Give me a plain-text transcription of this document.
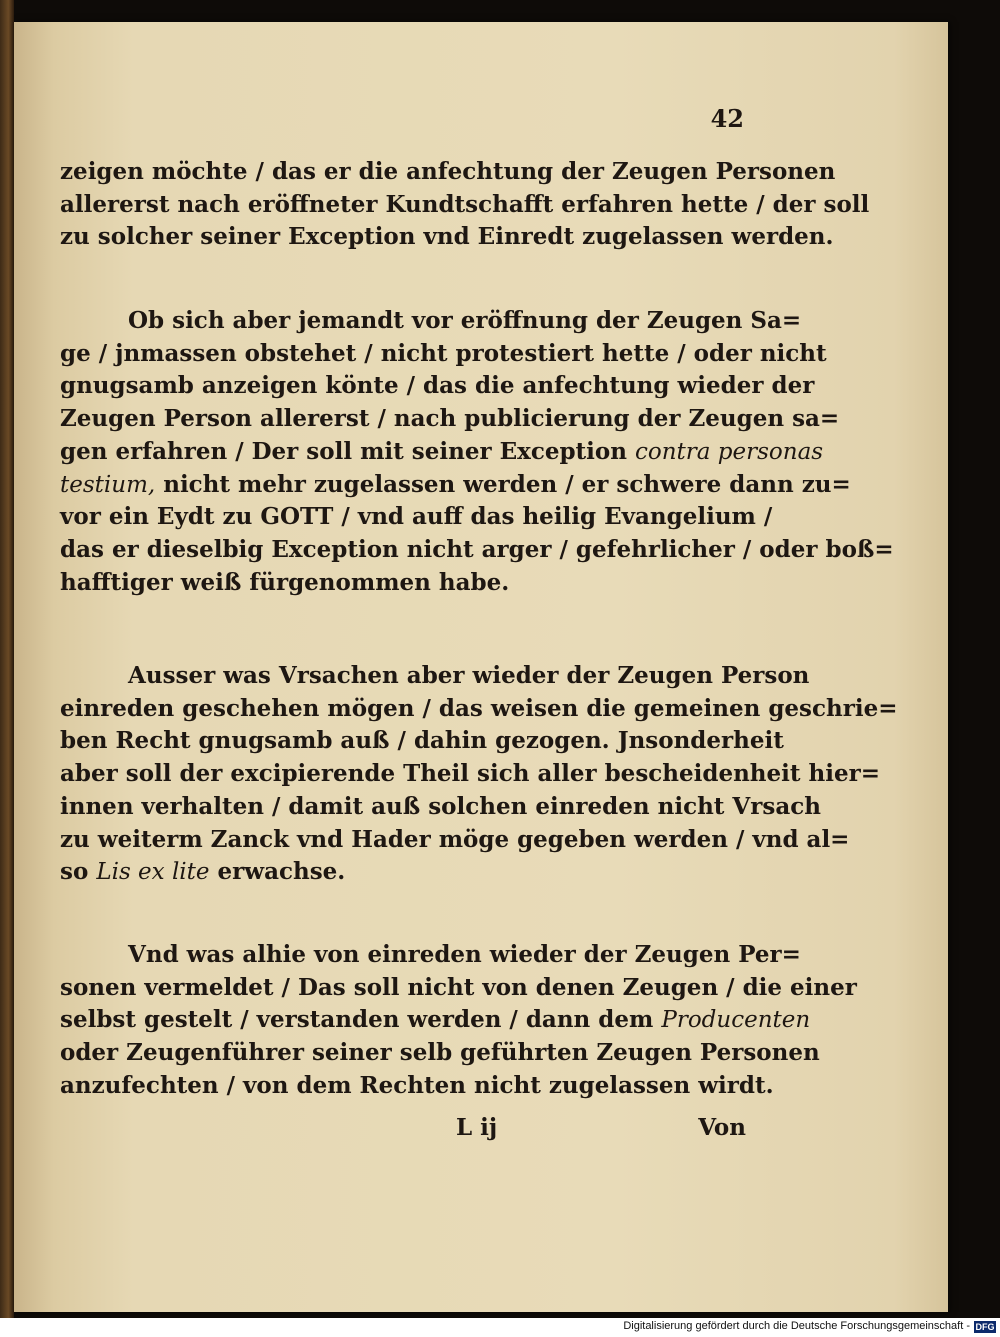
42
zeigen möchte / das er die anfechtung der Zeugen Personen
allererst nach eröffneter Kundtschafft erfahren hette / der soll
zu solcher seiner Exception vnd Einredt zugelassen werden.
Ob sich aber jemandt vor eröffnung der Zeugen Sa=
ge / jnmassen obstehet / nicht protestiert hette / oder nicht
gnugsamb anzeigen könte / das die anfechtung wieder der
Zeugen Person allererst / nach publicierung der Zeugen sa=
gen erfahren / Der soll mit seiner Exception contra personas
testium, nicht mehr zugelassen werden / er schwere dann zu=
vor ein Eydt zu GOTT / vnd auff das heilig Evangelium /
das er dieselbig Exception nicht arger / gefehrlicher / oder boß=
hafftiger weiß fürgenommen habe.
Ausser was Vrsachen aber wieder der Zeugen Person
einreden geschehen mögen / das weisen die gemeinen geschrie=
ben Recht gnugsamb auß / dahin gezogen. Jnsonderheit
aber soll der excipierende Theil sich aller bescheidenheit hier=
innen verhalten / damit auß solchen einreden nicht Vrsach
zu weiterm Zanck vnd Hader möge gegeben werden / vnd al=
so Lis ex lite erwachse.
Vnd was alhie von einreden wieder der Zeugen Per=
sonen vermeldet / Das soll nicht von denen Zeugen / die einer
selbst gestelt / verstanden werden / dann dem Producenten
oder Zeugenführer seiner selb geführten Zeugen Personen
anzufechten / von dem Rechten nicht zugelassen wirdt.
L ij	Von
Digitalisierung gefördert durch die Deutsche Forschungsgemeinschaft - DFG
